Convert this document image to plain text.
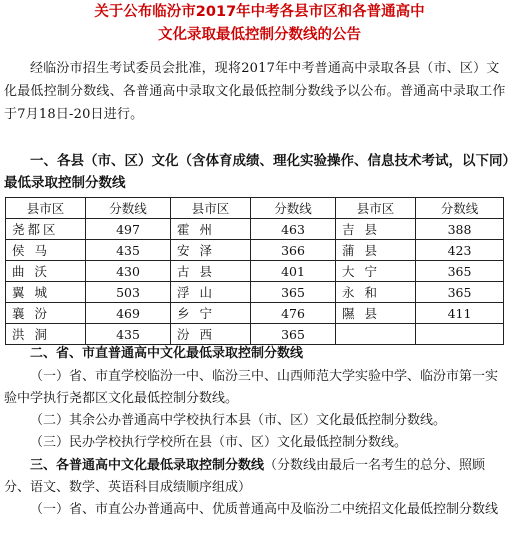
关于公布临汾市2017年中考各县市区和各普通高中
文化录取最低控制分数线的公告
经临汾市招生考试委员会批准，现将2017年中考普通高中录取各县（市、区）文化最低控制分数线、各普通高中录取文化最低控制分数线予以公布。普通高中录取工作于7月18日-20日进行。
一、各县（市、区）文化（含体育成绩、理化实验操作、信息技术考试，以下同）最低录取控制分数线
县市区	分数线	县市区	分数线	县市区	分数线
尧都区	497	霍 州	463	吉 县	388
侯 马	435	安 泽	366	蒲 县	423
曲 沃	430	古 县	401	大 宁	365
翼 城	503	浮 山	365	永 和	365
襄 汾	469	乡 宁	476	隰 县	411
洪 洞	435	汾 西	365		
二、省、市直普通高中文化最低录取控制分数线
（一）省、市直学校临汾一中、临汾三中、山西师范大学实验中学、临汾市第一实验中学执行尧都区文化最低控制分数线。
（二）其余公办普通高中学校执行本县（市、区）文化最低控制分数线。
（三）民办学校执行学校所在县（市、区）文化最低控制分数线。
三、各普通高中文化最低录取控制分数线（分数线由最后一名考生的总分、照顾分、语文、数学、英语科目成绩顺序组成）
（一）省、市直公办普通高中、优质普通高中及临汾二中统招文化最低控制分数线
